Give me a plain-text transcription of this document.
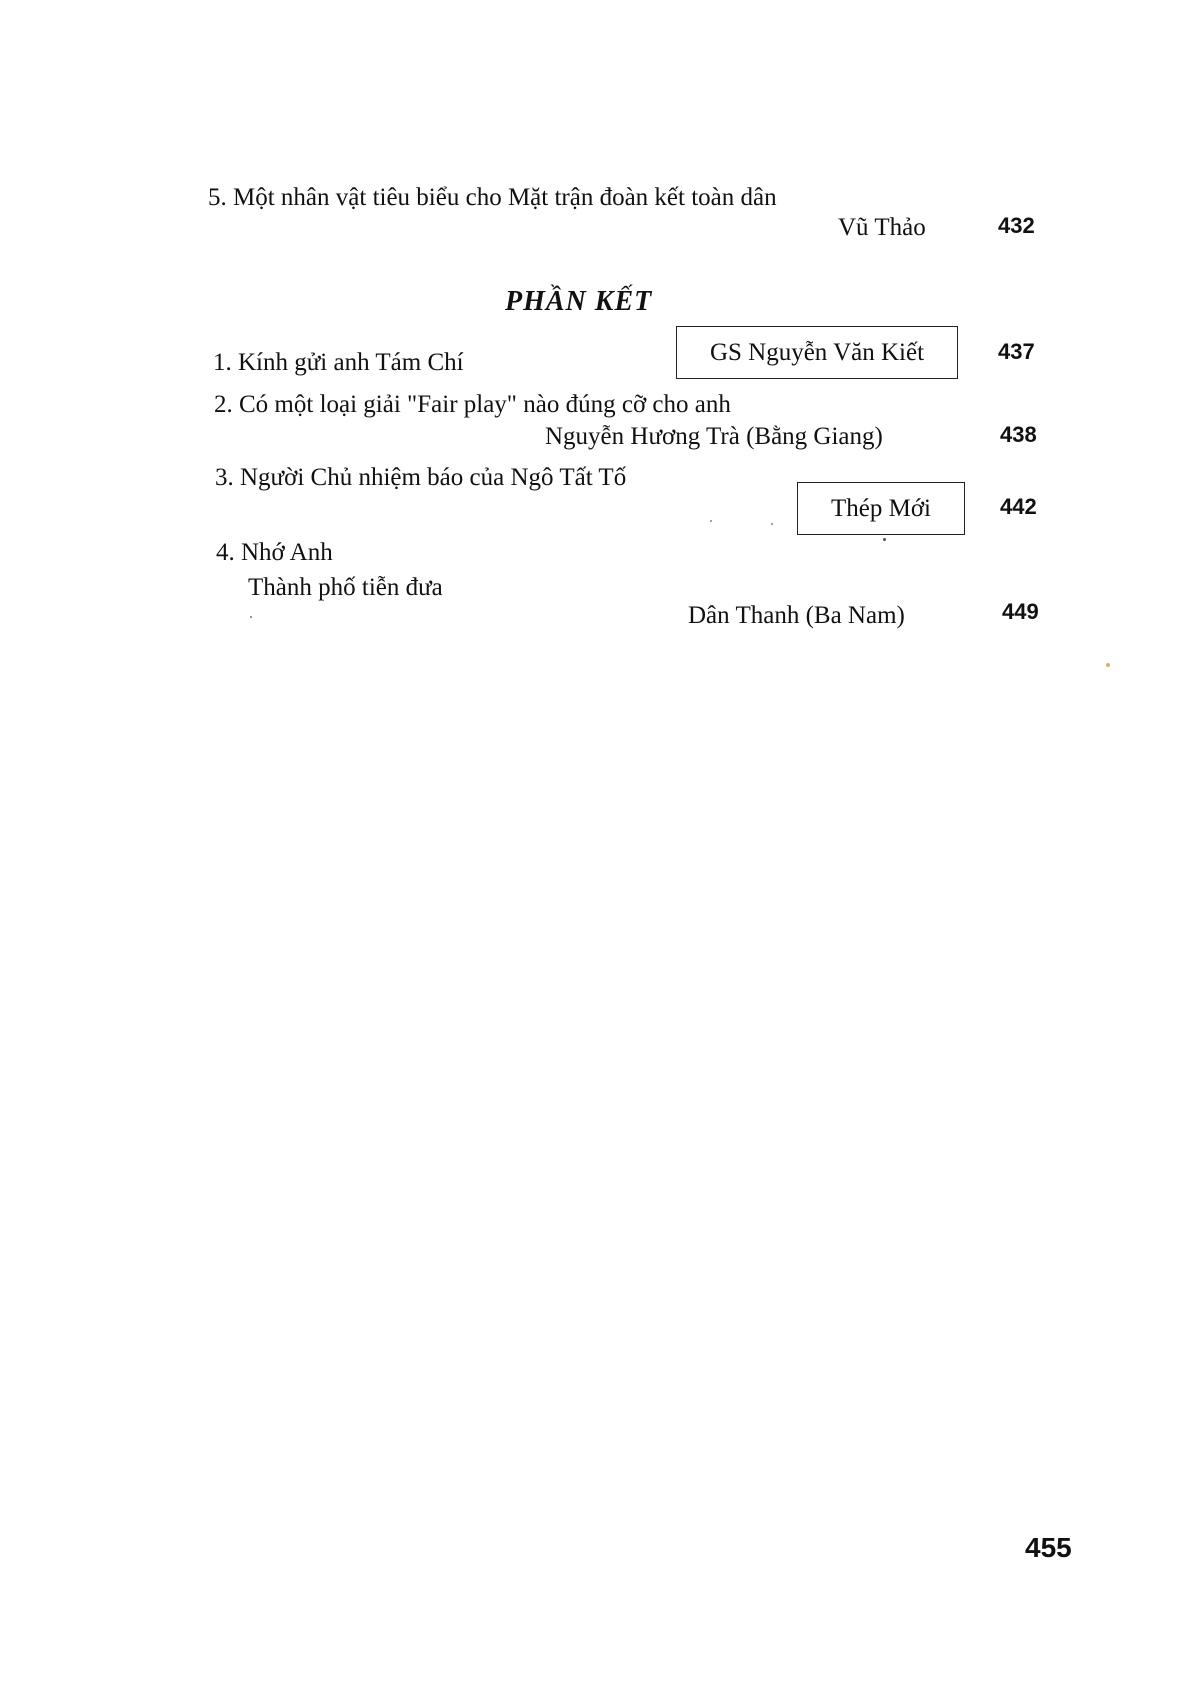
5. Một nhân vật tiêu biểu cho Mặt trận đoàn kết toàn dân
Vũ Thảo	432
PHẦN KẾT
1. Kính gửi anh Tám Chí	GS Nguyễn Văn Kiết	437
2. Có một loại giải "Fair play" nào đúng cỡ cho anh
Nguyễn Hương Trà (Bằng Giang)	438
3. Người Chủ nhiệm báo của Ngô Tất Tố
Thép Mới	442
4. Nhớ Anh
Thành phố tiễn đưa
Dân Thanh (Ba Nam)	449
455
